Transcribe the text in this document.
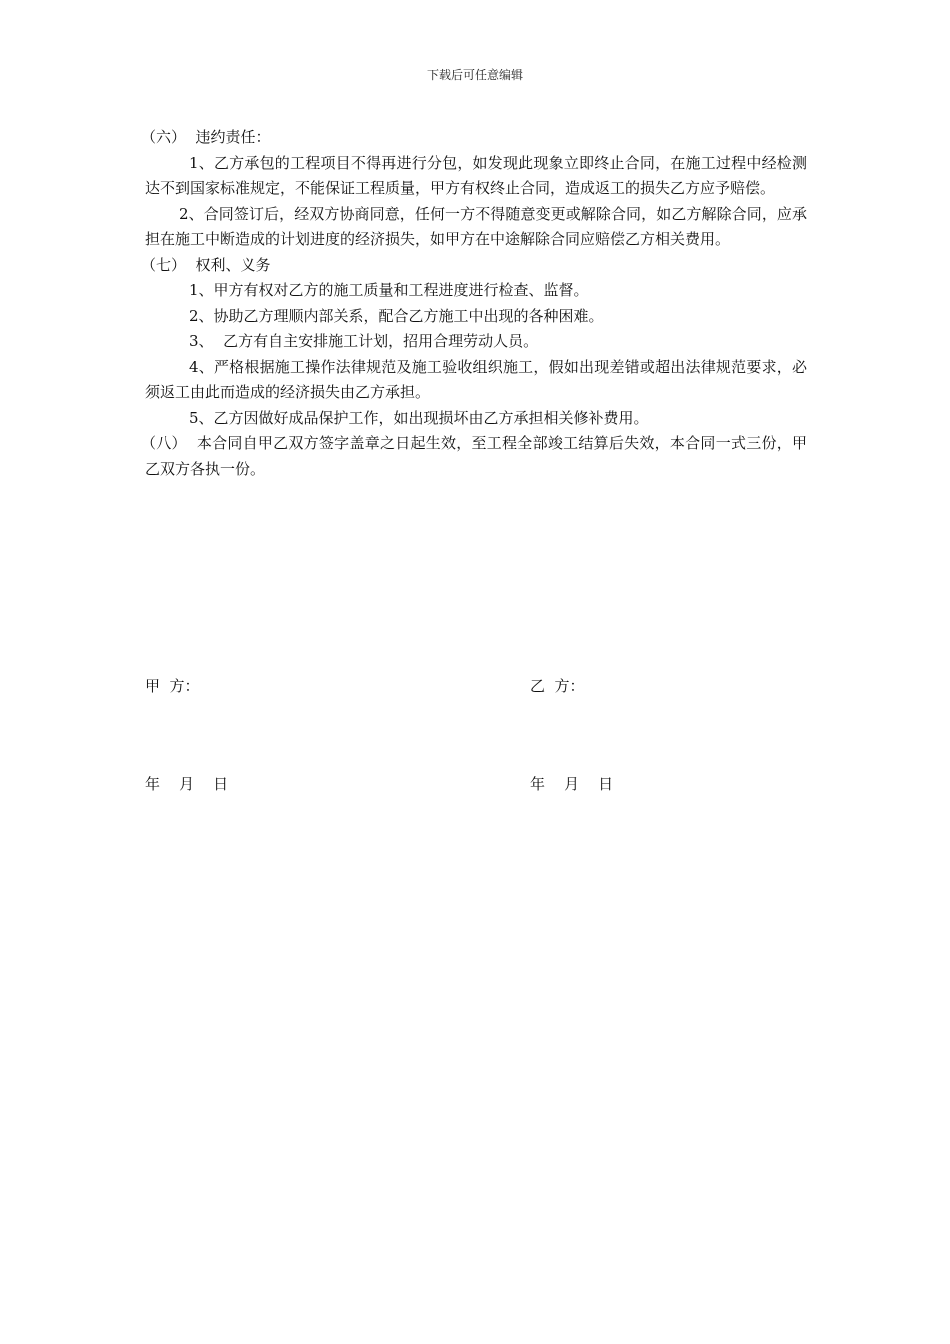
下载后可任意编辑

（六）  违约责任：

1、乙方承包的工程项目不得再进行分包，如发现此现象立即终止合同，在施工过程中经检测达不到国家标准规定，不能保证工程质量，甲方有权终止合同，造成返工的损失乙方应予赔偿。

2、合同签订后，经双方协商同意，任何一方不得随意变更或解除合同，如乙方解除合同，应承担在施工中断造成的计划进度的经济损失，如甲方在中途解除合同应赔偿乙方相关费用。

（七）  权利、义务

1、甲方有权对乙方的施工质量和工程进度进行检查、监督。

2、协助乙方理顺内部关系，配合乙方施工中出现的各种困难。

3、  乙方有自主安排施工计划，招用合理劳动人员。

4、严格根据施工操作法律规范及施工验收组织施工，假如出现差错或超出法律规范要求，必须返工由此而造成的经济损失由乙方承担。

5、乙方因做好成品保护工作，如出现损坏由乙方承担相关修补费用。

（八）  本合同自甲乙双方签字盖章之日起生效，至工程全部竣工结算后失效，本合同一式三份，甲乙双方各执一份。

甲  方：	乙  方：
年    月    日	年    月    日
